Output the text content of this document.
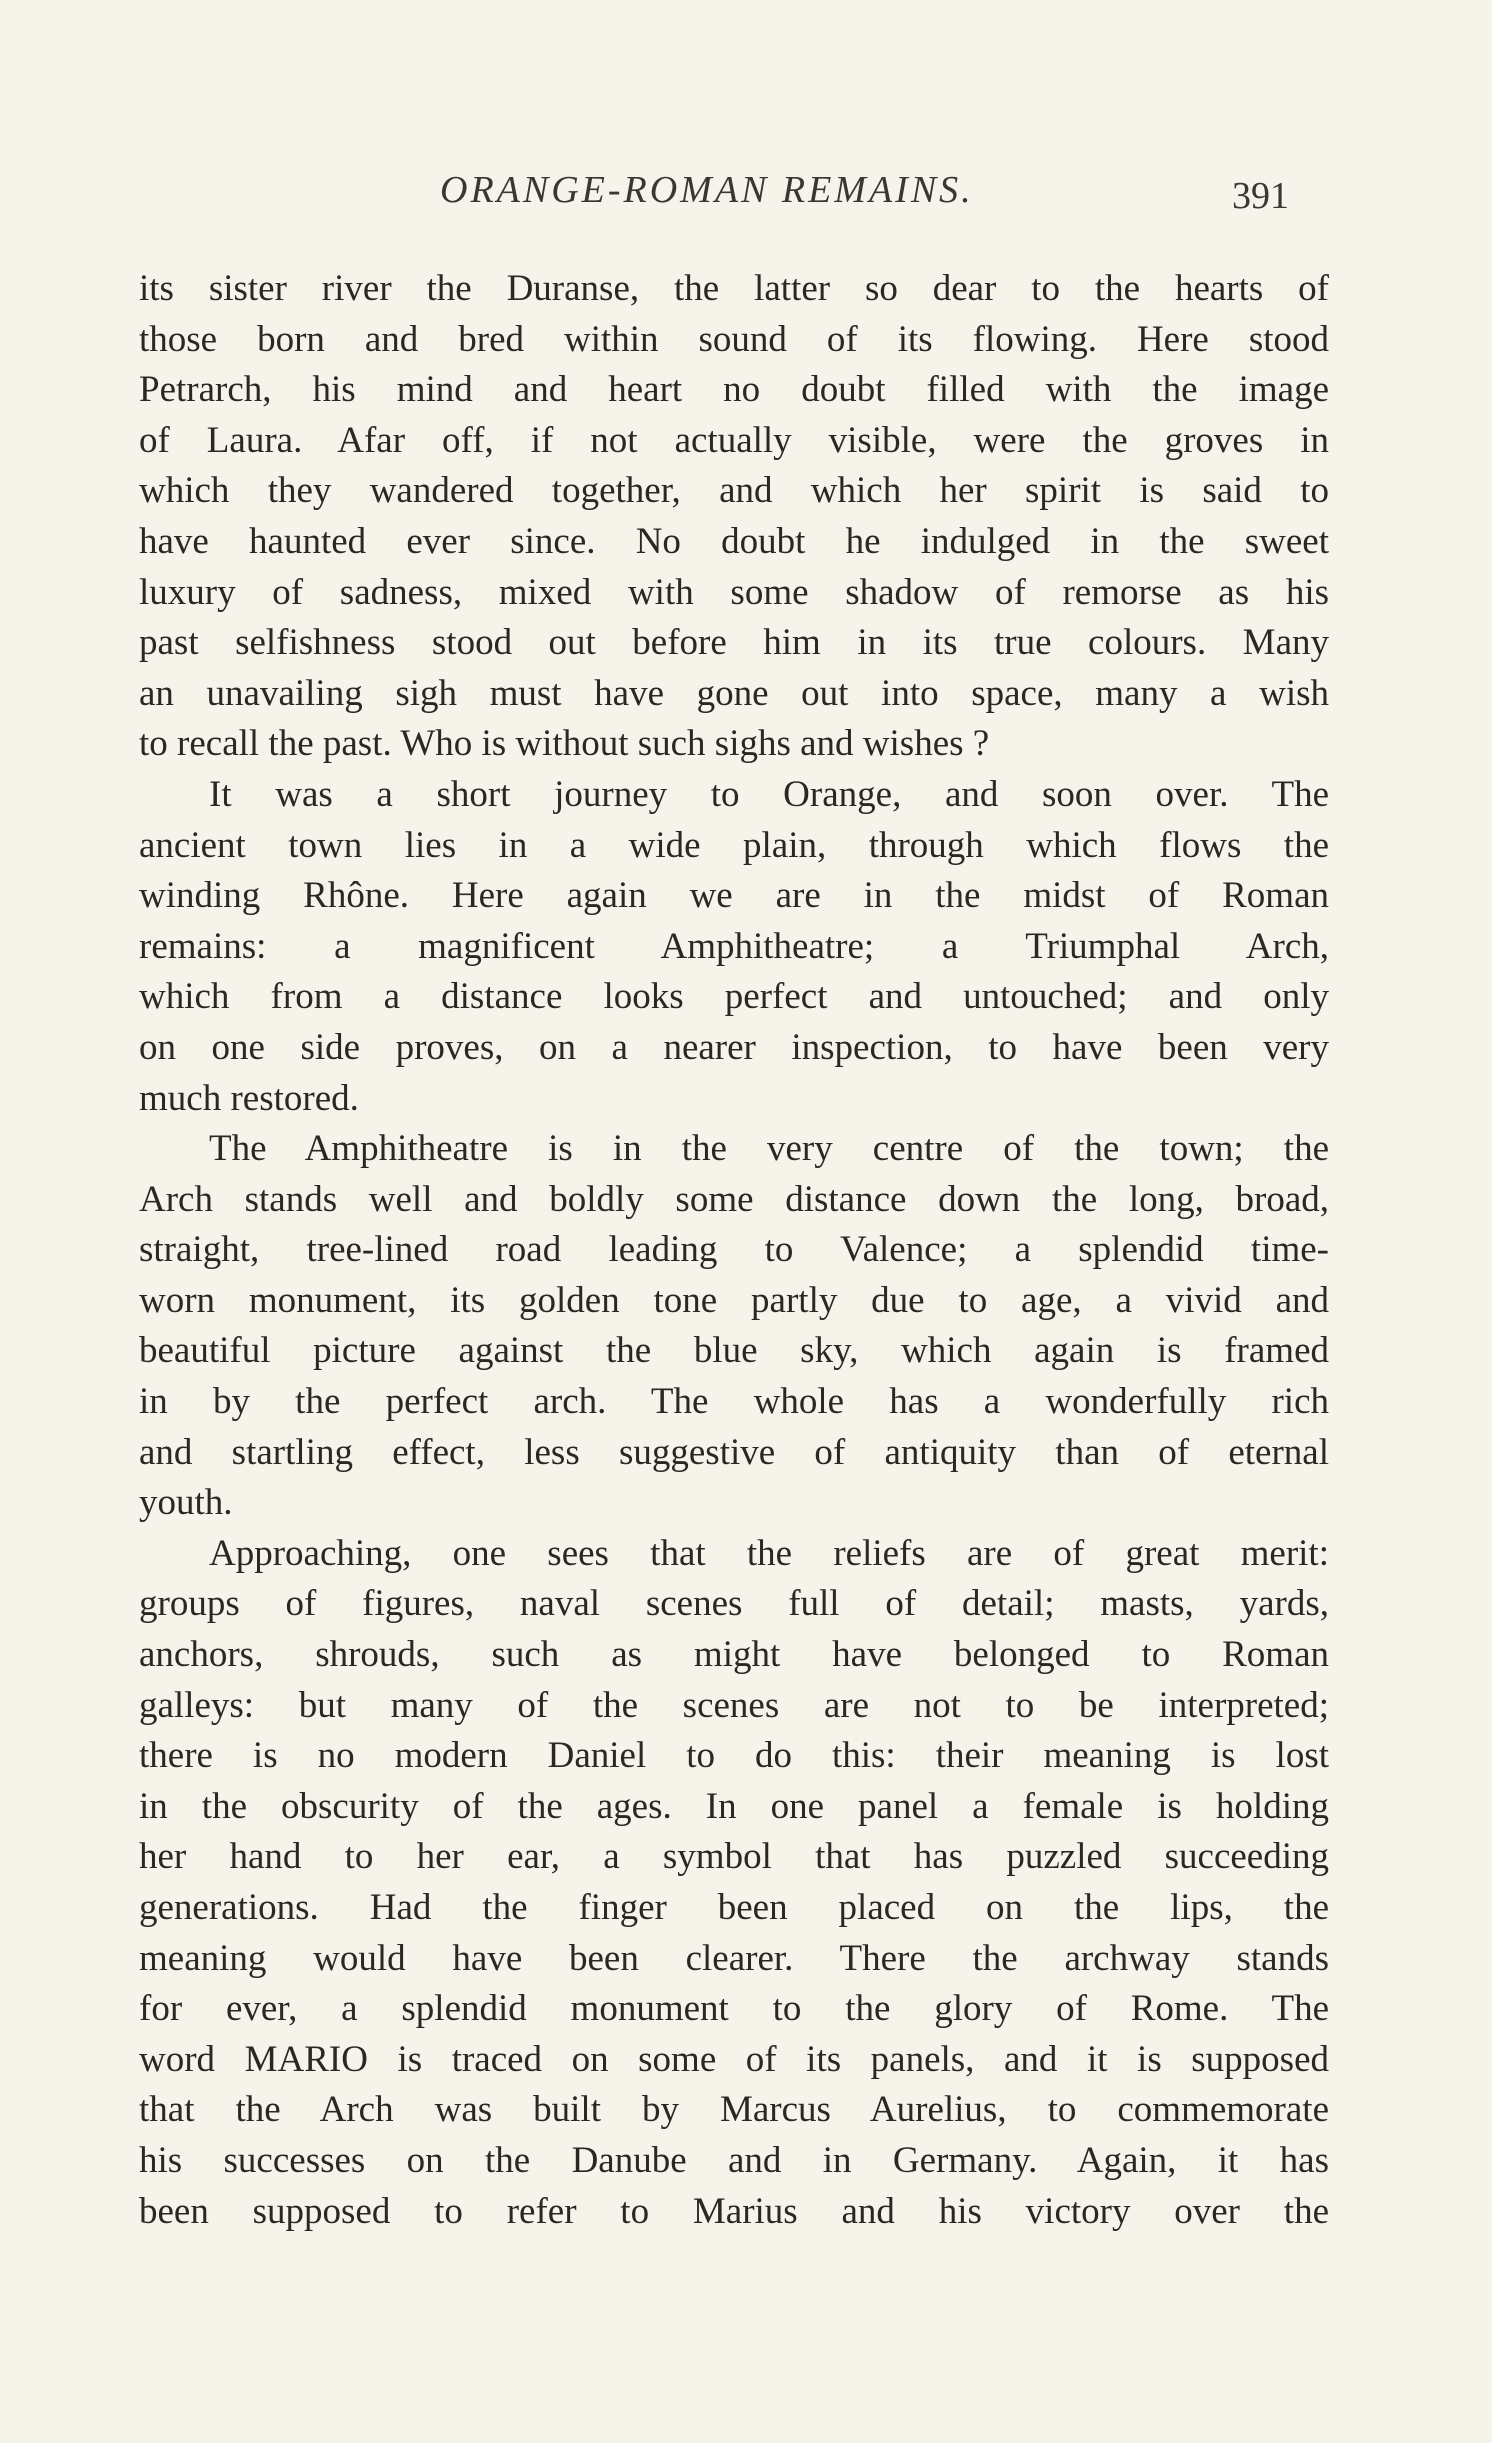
ORANGE-ROMAN REMAINS.	391
its sister river the Duranse, the latter so dear to the hearts of
those born and bred within sound of its flowing. Here stood
Petrarch, his mind and heart no doubt filled with the image
of Laura. Afar off, if not actually visible, were the groves in
which they wandered together, and which her spirit is said to
have haunted ever since. No doubt he indulged in the sweet
luxury of sadness, mixed with some shadow of remorse as his
past selfishness stood out before him in its true colours. Many
an unavailing sigh must have gone out into space, many a wish
to recall the past. Who is without such sighs and wishes ?
It was a short journey to Orange, and soon over. The
ancient town lies in a wide plain, through which flows the
winding Rhône. Here again we are in the midst of Roman
remains: a magnificent Amphitheatre; a Triumphal Arch,
which from a distance looks perfect and untouched; and only
on one side proves, on a nearer inspection, to have been very
much restored.
The Amphitheatre is in the very centre of the town; the
Arch stands well and boldly some distance down the long, broad,
straight, tree-lined road leading to Valence; a splendid time-
worn monument, its golden tone partly due to age, a vivid and
beautiful picture against the blue sky, which again is framed
in by the perfect arch. The whole has a wonderfully rich
and startling effect, less suggestive of antiquity than of eternal
youth.
Approaching, one sees that the reliefs are of great merit:
groups of figures, naval scenes full of detail; masts, yards,
anchors, shrouds, such as might have belonged to Roman
galleys: but many of the scenes are not to be interpreted;
there is no modern Daniel to do this: their meaning is lost
in the obscurity of the ages. In one panel a female is holding
her hand to her ear, a symbol that has puzzled succeeding
generations. Had the finger been placed on the lips, the
meaning would have been clearer. There the archway stands
for ever, a splendid monument to the glory of Rome. The
word MARIO is traced on some of its panels, and it is supposed
that the Arch was built by Marcus Aurelius, to commemorate
his successes on the Danube and in Germany. Again, it has
been supposed to refer to Marius and his victory over the
